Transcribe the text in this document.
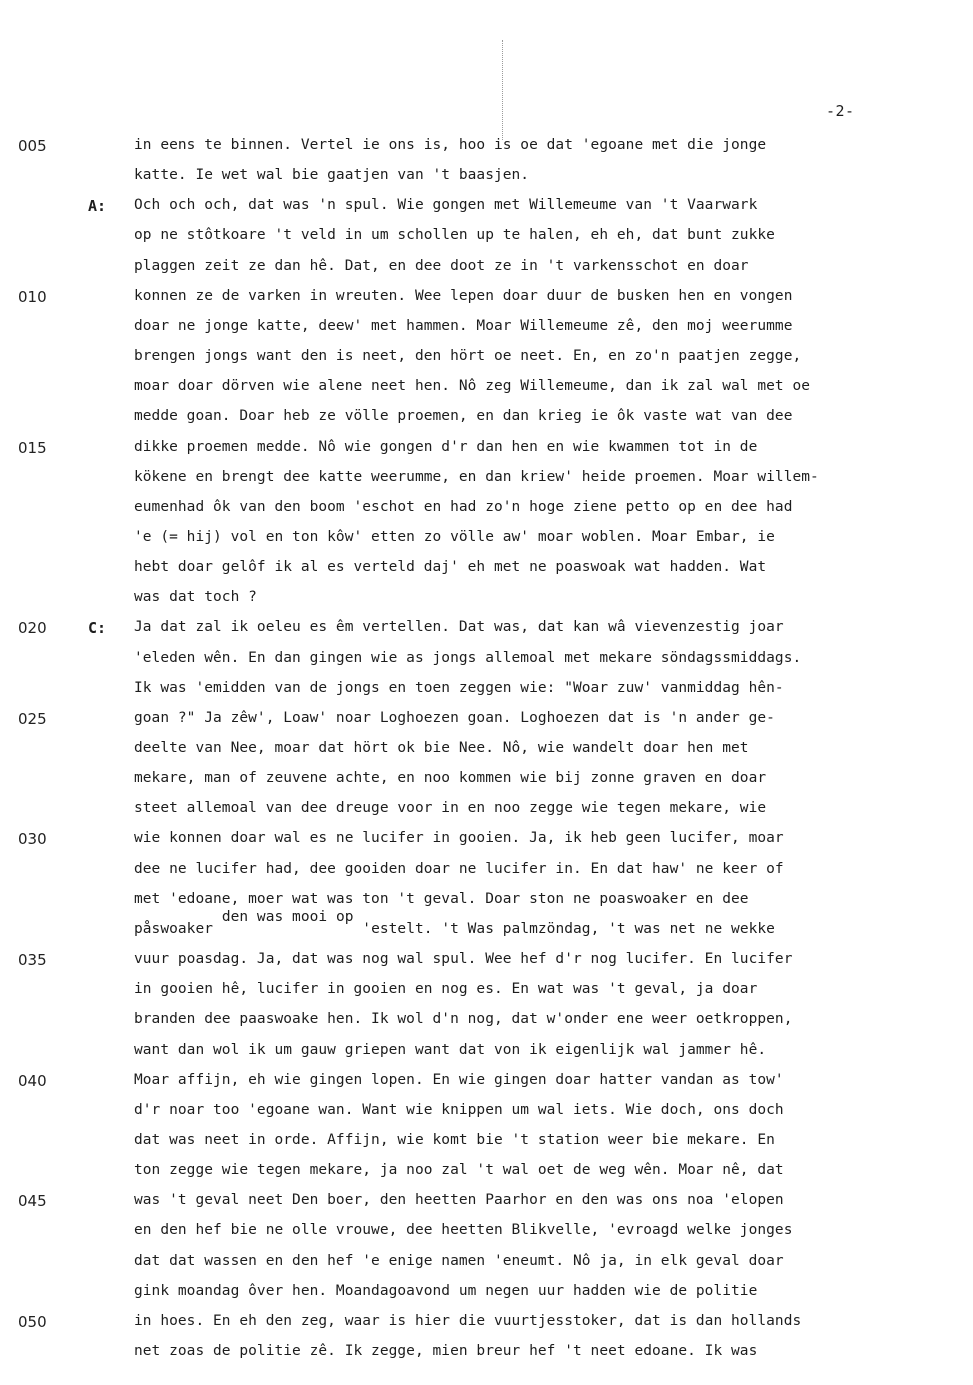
-2-
005	in eens te binnen. Vertel ie ons is, hoo is oe dat 'egoane met die jonge
katte. Ie wet wal bie gaatjen van 't baasjen.
A: Och och och, dat was 'n spul. Wie gongen met Willemeume van 't Vaarwark
op ne stôtkoare 't veld in um schollen up te halen, eh eh, dat bunt zukke
plaggen zeit ze dan hê. Dat, en dee doot ze in 't varkensschot en doar
010	konnen ze de varken in wreuten. Wee lepen doar duur de busken hen en vongen
doar ne jonge katte, deew' met hammen. Moar Willemeume zê, den moj weerumme
brengen jongs want den is neet, den hört oe neet. En, en zo'n paatjen zegge,
moar doar dörven wie alene neet hen. Nô zeg Willemeume, dan ik zal wal met oe
medde goan. Doar heb ze völle proemen, en dan krieg ie ôk vaste wat van dee
015	dikke proemen medde. Nô wie gongen d'r dan hen en wie kwammen tot in de
kökene en brengt dee katte weerumme, en dan kriew' heide proemen. Moar willem-
eumenhad ôk van den boom 'eschot en had zo'n hoge ziene petto op en dee had
'e (= hij) vol en ton kôw' etten zo völle aw' moar woblen. Moar Embar, ie
hebt doar gelôf ik al es verteld daj' eh met ne poaswoak wat hadden. Wat
was dat toch ?
020	C: Ja dat zal ik oeleu es êm vertellen. Dat was, dat kan wâ vievenzestig joar
'eleden wên. En dan gingen wie as jongs allemoal met mekare söndagssmiddags.
Ik was 'emidden van de jongs en toen zeggen wie: "Woar zuw' vanmiddag hên-
025	goan ?" Ja zêw', Loaw' noar Loghoezen goan. Loghoezen dat is 'n ander ge-
deelte van Nee, moar dat hört ok bie Nee. Nô, wie wandelt doar hen met
mekare, man of zeuvene achte, en noo kommen wie bij zonne graven en doar
steet allemoal van dee dreuge voor in en noo zegge wie tegen mekare, wie
030	wie konnen doar wal es ne lucifer in gooien. Ja, ik heb geen lucifer, moar
dee ne lucifer had, dee gooiden doar ne lucifer in. En dat haw' ne keer of
met 'edoane, moer wat was ton 't geval. Doar ston ne poaswoaker en dee
påswoaker den was mooi op 'estelt. 't Was palmzöndag, 't was net ne wekke
035	vuur poasdag. Ja, dat was nog wal spul. Wee hef d'r nog lucifer. En lucifer
in gooien hê, lucifer in gooien en nog es. En wat was 't geval, ja doar
branden dee paaswoake hen. Ik wol d'n nog, dat w'onder ene weer oetkroppen,
want dan wol ik um gauw griepen want dat von ik eigenlijk wal jammer hê.
040	Moar affijn, eh wie gingen lopen. En wie gingen doar hatter vandan as tow'
d'r noar too 'egoane wan. Want wie knippen um wal iets. Wie doch, ons doch
dat was neet in orde. Affijn, wie komt bie 't station weer bie mekare. En
ton zegge wie tegen mekare, ja noo zal 't wal oet de weg wên. Moar nê, dat
045	was 't geval neet Den boer, den heetten Paarhor en den was ons noa 'elopen
en den hef bie ne olle vrouwe, dee heetten Blikvelle, 'evroagd welke jonges
dat dat wassen en den hef 'e enige namen 'eneumt. Nô ja, in elk geval doar
gink moandag ôver hen. Moandagoavond um negen uur hadden wie de politie
050	in hoes. En eh den zeg, waar is hier die vuurtjesstoker, dat is dan hollands
net zoas de politie zê. Ik zegge, mien breur hef 't neet edoane. Ik was
